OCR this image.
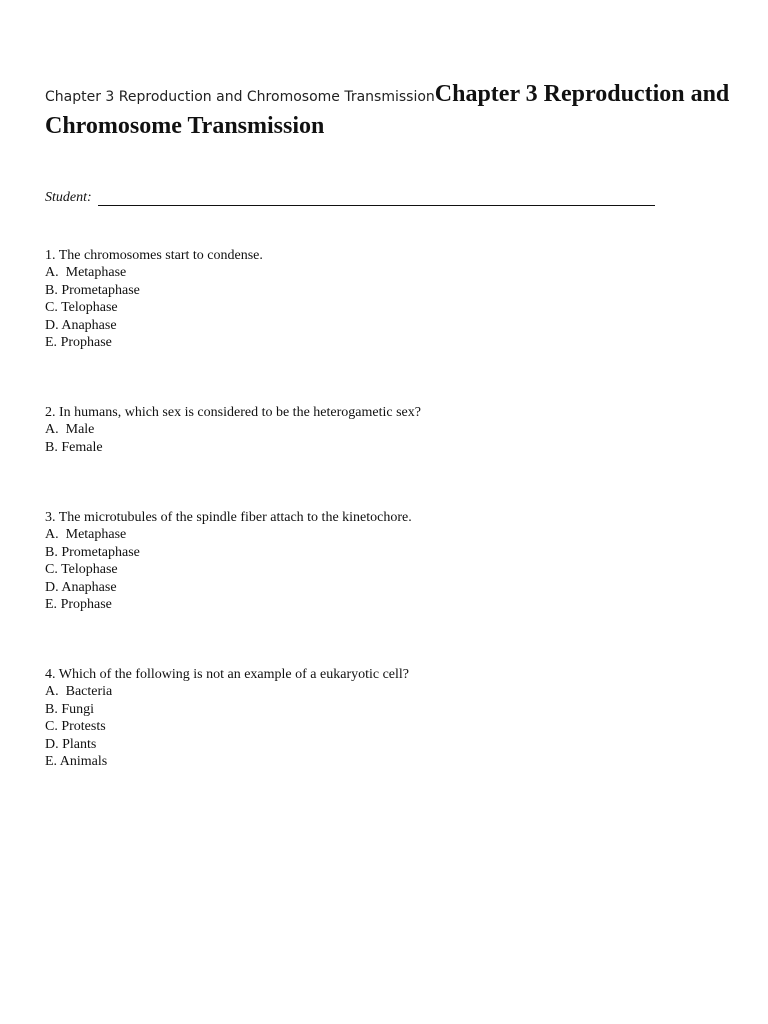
Chapter 3 Reproduction and Chromosome TransmissionChapter 3 Reproduction and Chromosome Transmission
Student:
1. The chromosomes start to condense.
A. Metaphase
B. Prometaphase
C. Telophase
D. Anaphase
E. Prophase
2. In humans, which sex is considered to be the heterogametic sex?
A. Male
B. Female
3. The microtubules of the spindle fiber attach to the kinetochore.
A. Metaphase
B. Prometaphase
C. Telophase
D. Anaphase
E. Prophase
4. Which of the following is not an example of a eukaryotic cell?
A. Bacteria
B. Fungi
C. Protests
D. Plants
E. Animals
